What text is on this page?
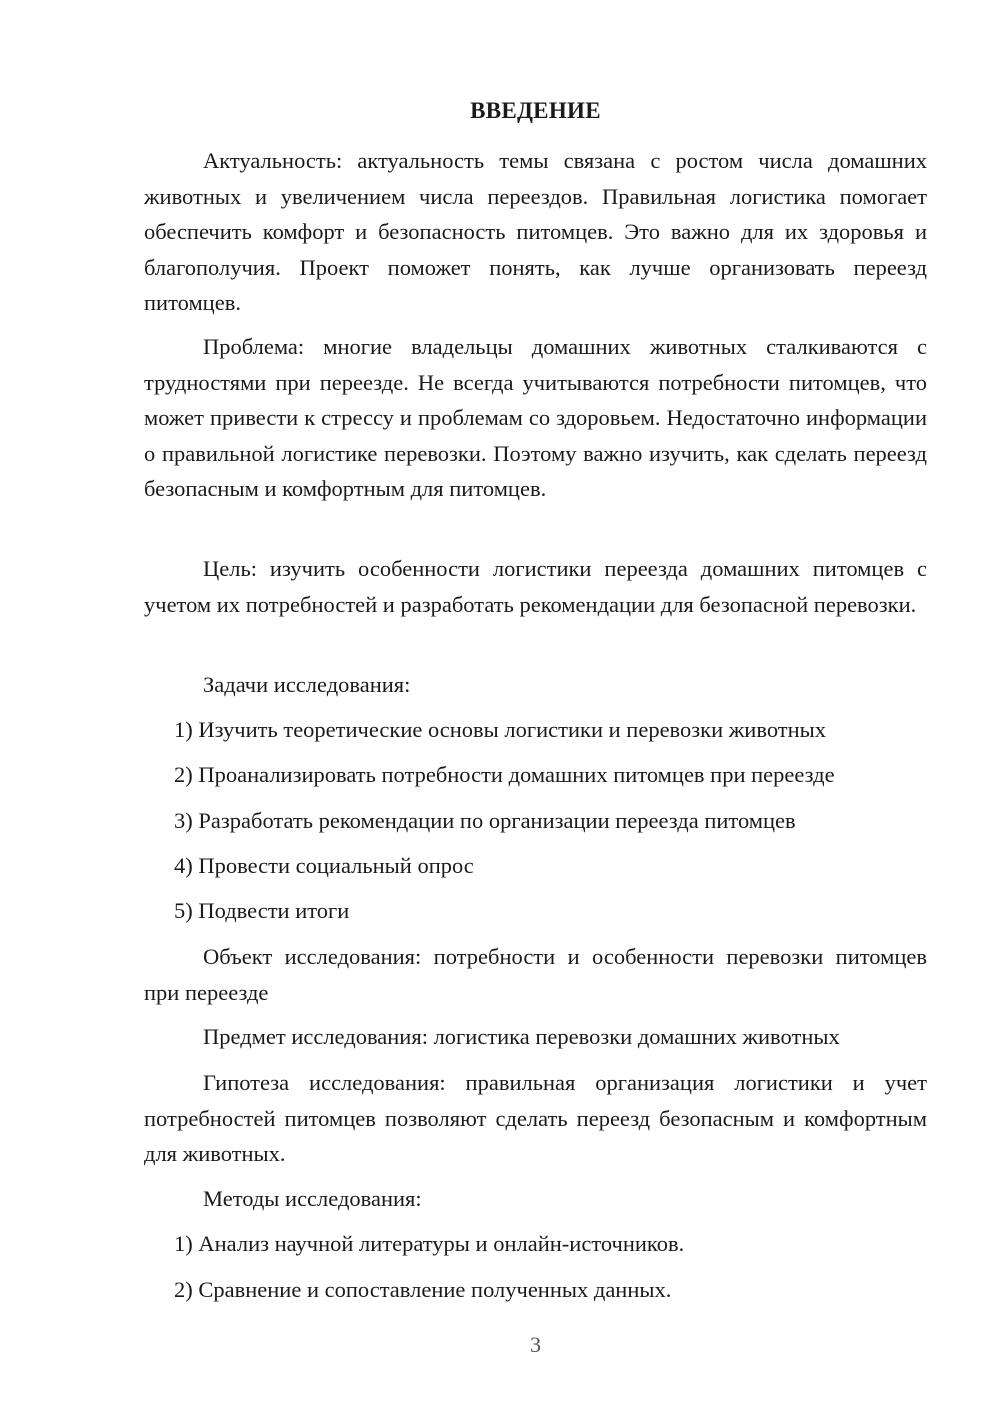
ВВЕДЕНИЕ

Актуальность: актуальность темы связана с ростом числа домашних животных и увеличением числа переездов. Правильная логистика помогает обеспечить комфорт и безопасность питомцев. Это важно для их здоровья и благополучия. Проект поможет понять, как лучше организовать переезд питомцев.

Проблема: многие владельцы домашних животных сталкиваются с трудностями при переезде. Не всегда учитываются потребности питомцев, что может привести к стрессу и проблемам со здоровьем. Недостаточно информации о правильной логистике перевозки. Поэтому важно изучить, как сделать переезд безопасным и комфортным для питомцев.

Цель: изучить особенности логистики переезда домашних питомцев с учетом их потребностей и разработать рекомендации для безопасной перевозки.

Задачи исследования:

1) Изучить теоретические основы логистики и перевозки животных

2) Проанализировать потребности домашних питомцев при переезде

3) Разработать рекомендации по организации переезда питомцев

4) Провести социальный опрос

5) Подвести итоги

Объект исследования: потребности и особенности перевозки питомцев при переезде

Предмет исследования: логистика перевозки домашних животных

Гипотеза исследования: правильная организация логистики и учет потребностей питомцев позволяют сделать переезд безопасным и комфортным для животных.

Методы исследования:

1) Анализ научной литературы и онлайн-источников.

2) Сравнение и сопоставление полученных данных.

3
